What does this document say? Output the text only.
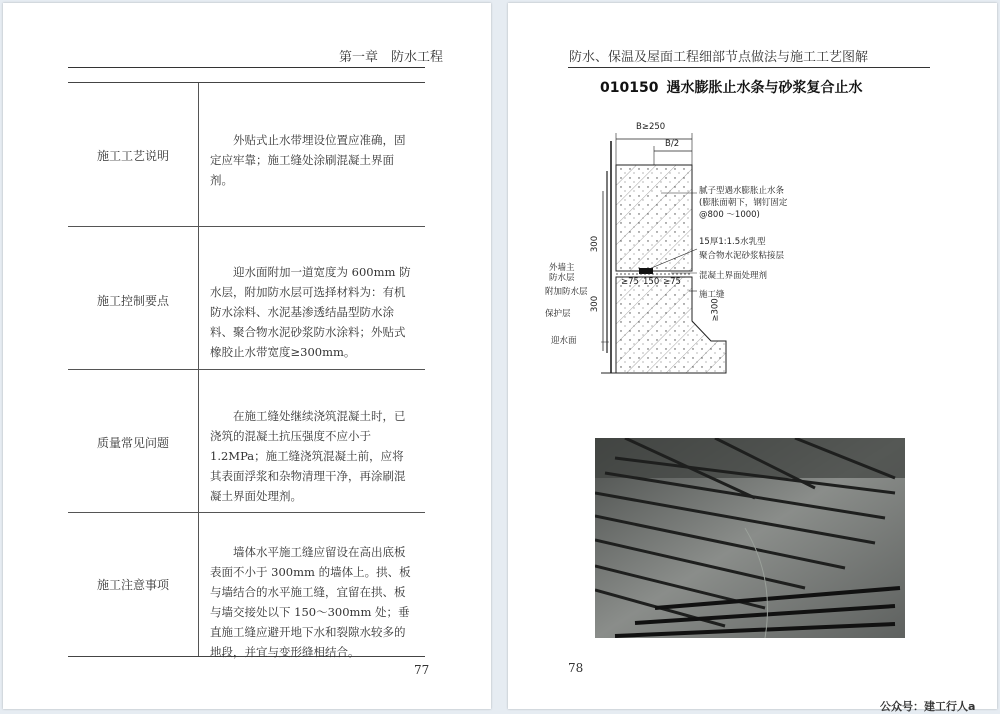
第一章　防水工程
施工工艺说明
外贴式止水带埋设位置应准确，固定应牢靠；施工缝处涂刷混凝土界面剂。
施工控制要点
迎水面附加一道宽度为 600mm 防水层，附加防水层可选择材料为：有机防水涂料、水泥基渗透结晶型防水涂料、聚合物水泥砂浆防水涂料；外贴式橡胶止水带宽度≥300mm。
质量常见问题
在施工缝处继续浇筑混凝土时，已浇筑的混凝土抗压强度不应小于 1.2MPa；施工缝浇筑混凝土前，应将其表面浮浆和杂物清理干净，再涂刷混凝土界面处理剂。
施工注意事项
墙体水平施工缝应留设在高出底板表面不小于 300mm 的墙体上。拱、板与墙结合的水平施工缝，宜留在拱、板与墙交接处以下 150～300mm 处；垂直施工缝应避开地下水和裂隙水较多的地段，并宜与变形缝相结合。
77
防水、保温及屋面工程细部节点做法与施工工艺图解
010150 遇水膨胀止水条与砂浆复合止水
B≥250
B/2
300
300	≥300
≥75 150 ≥75
腻子型遇水膨胀止水条
(膨胀面朝下，钢钉固定
@800 ～1000)
15厚1:1.5水乳型
聚合物水泥砂浆粘接层
混凝土界面处理剂
施工缝
外墙主
防水层
附加防水层
保护层
迎水面
78
公众号：建工行人a
